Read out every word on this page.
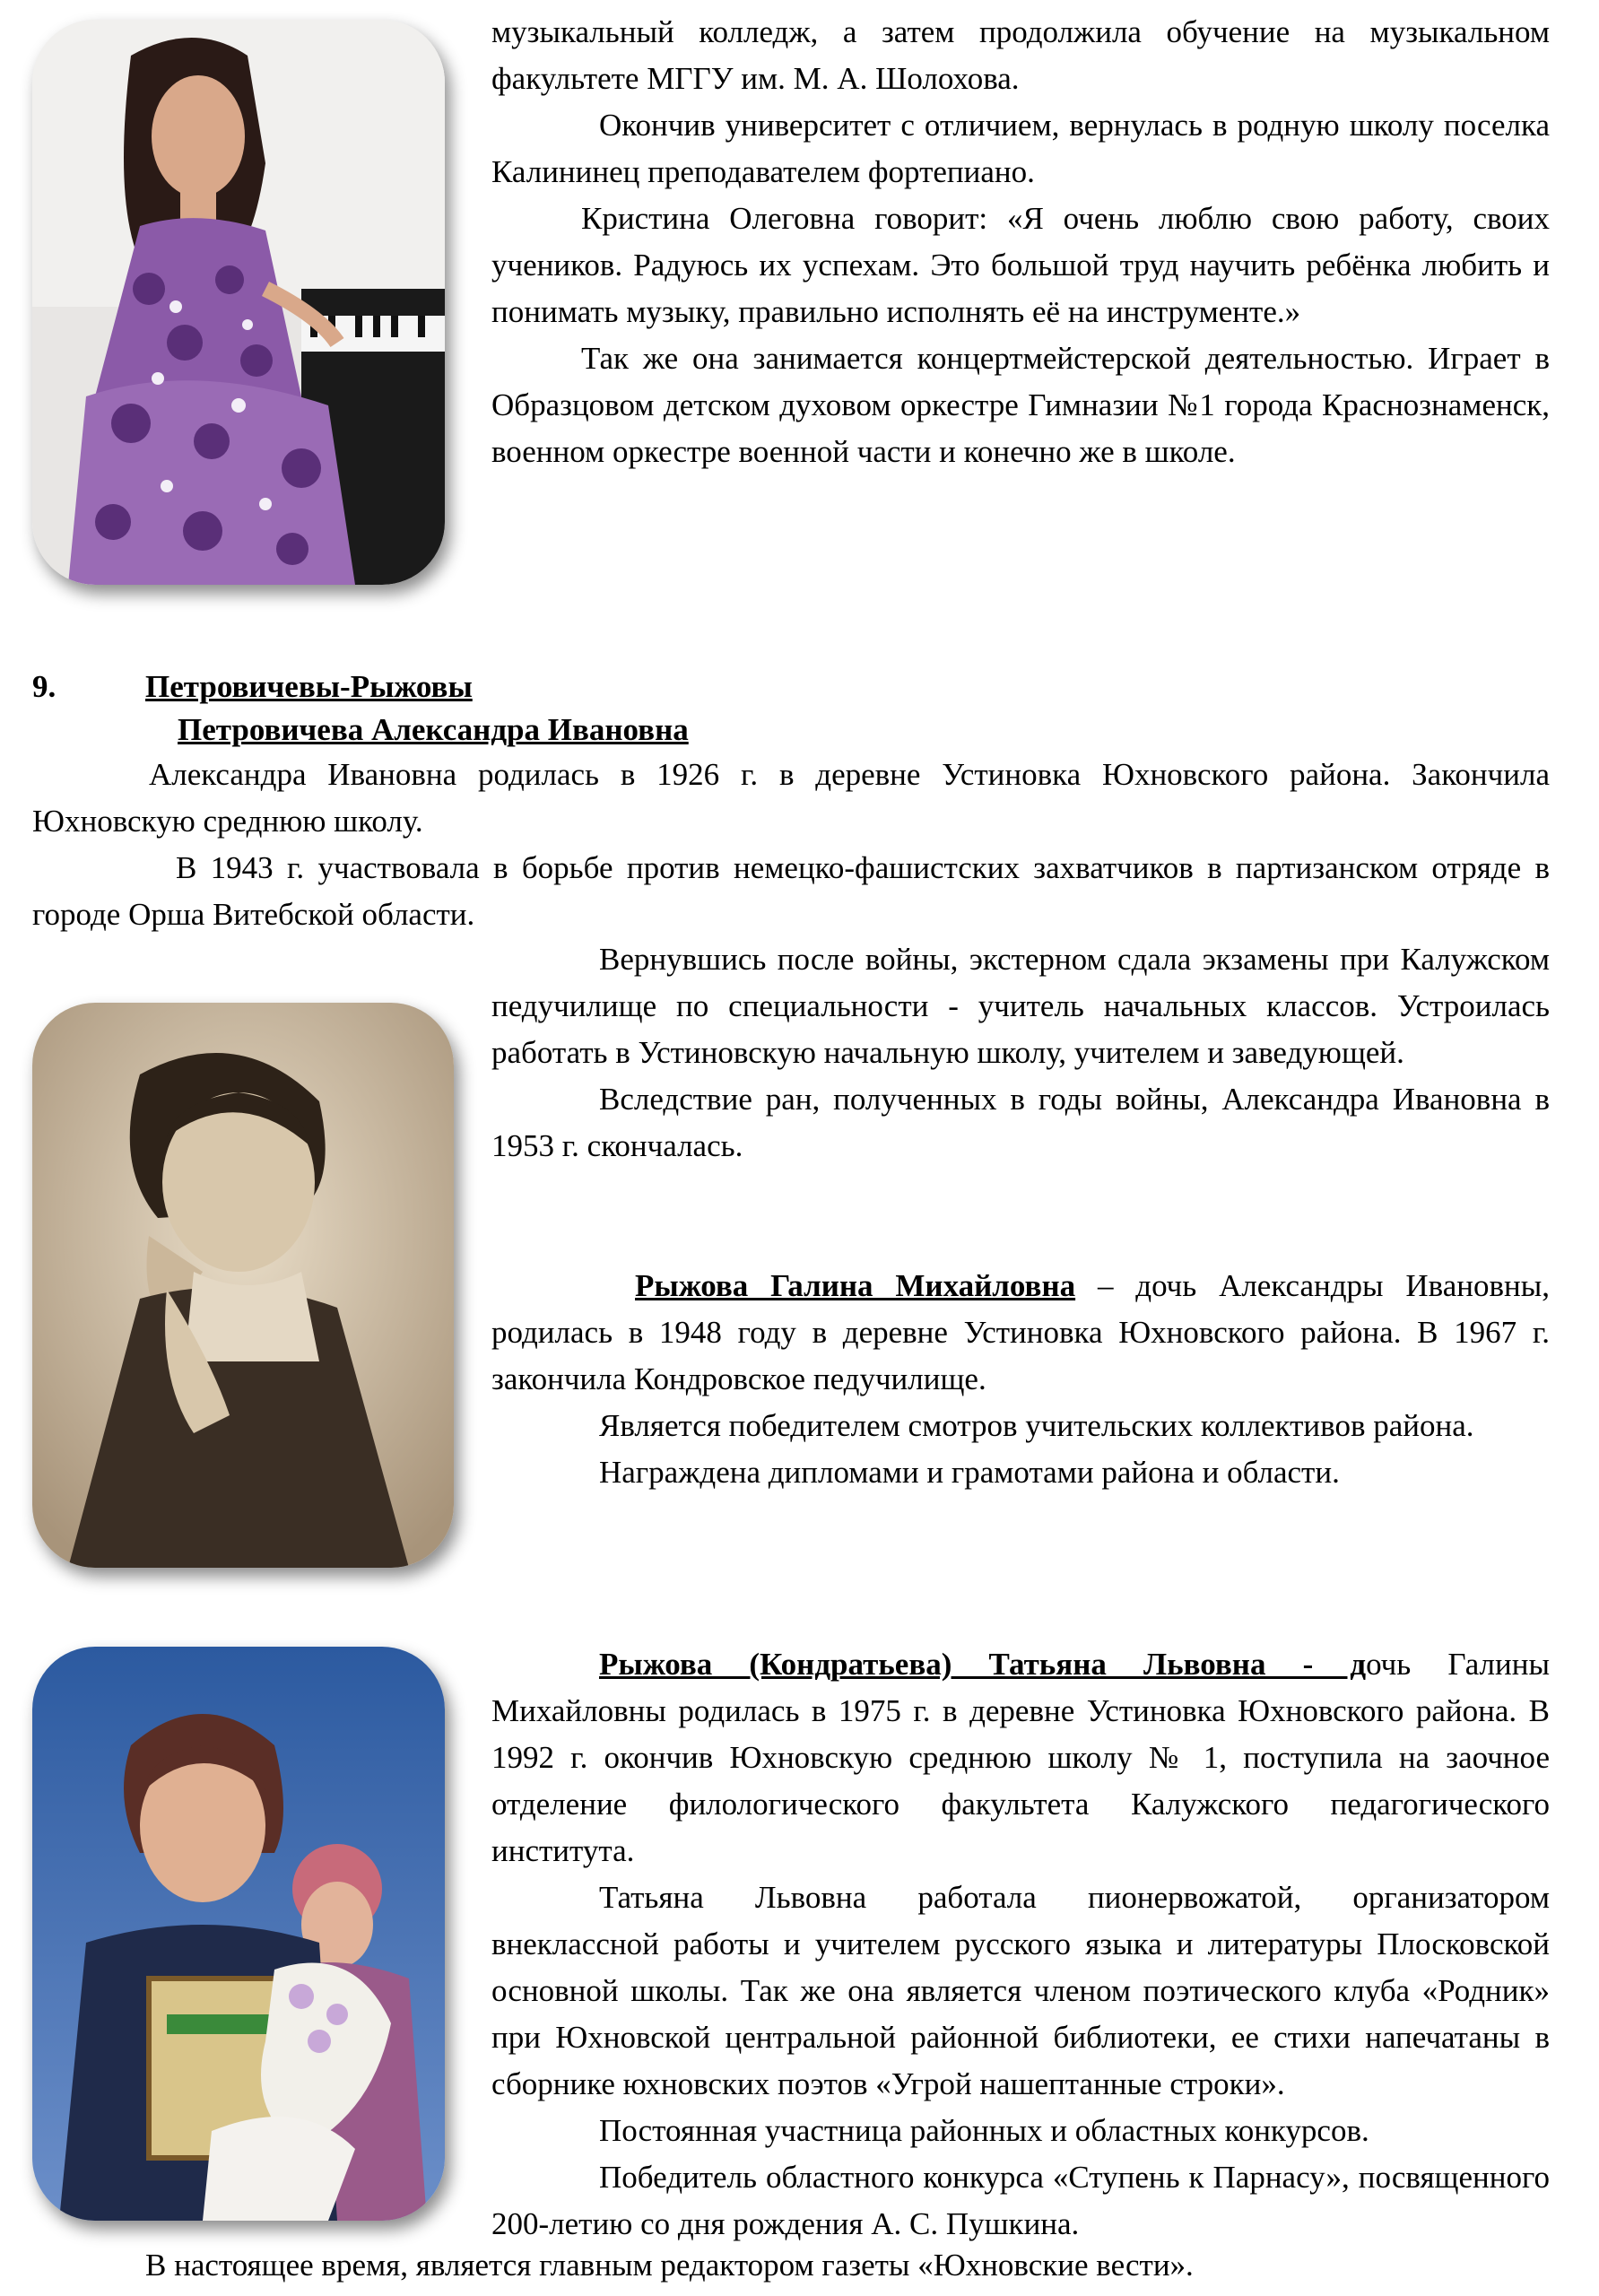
музыкальный колледж, а затем продолжила обучение на музыкальном факультете МГГУ им. М. А. Шолохова.

Окончив университет с отличием, вернулась в родную школу поселка Калининец преподавателем фортепиано.

Кристина Олеговна говорит: «Я очень люблю свою работу, своих учеников. Радуюсь их успехам. Это большой труд научить ребёнка любить и понимать музыку, правильно исполнять её на инструменте.»

Так же она занимается концертмейстерской деятельностью. Играет в Образцовом детском духовом оркестре Гимназии №1 города Краснознаменск, военном оркестре военной части и конечно же в школе.

9.	Петровичевы-Рыжовы
Петровичева Александра Ивановна

Александра Ивановна родилась в 1926 г. в деревне Устиновка Юхновского района. Закончила Юхновскую среднюю школу.

В 1943 г. участвовала в борьбе против немецко-фашистских захватчиков в партизанском отряде в городе Орша Витебской области.

Вернувшись после войны, экстерном сдала экзамены при Калужском педучилище по специальности - учитель начальных классов. Устроилась работать в Устиновскую начальную школу, учителем и заведующей.

Вследствие ран, полученных в годы войны, Александра Ивановна в 1953 г. скончалась.

Рыжова Галина Михайловна – дочь Александры Ивановны, родилась в 1948 году в деревне Устиновка Юхновского района. В 1967 г. закончила Кондровское педучилище.

Является победителем смотров учительских коллективов района.

Награждена дипломами и грамотами района и области.

Рыжова (Кондратьева) Татьяна Львовна - дочь Галины Михайловны родилась в 1975 г. в деревне Устиновка Юхновского района. В 1992 г. окончив Юхновскую среднюю школу № 1, поступила на заочное отделение филологического факультета Калужского педагогического института.

Татьяна Львовна работала пионервожатой, организатором внеклассной работы и учителем русского языка и литературы Плосковской основной школы. Так же она является членом поэтического клуба «Родник» при Юхновской центральной районной библиотеки, ее стихи напечатаны в сборнике юхновских поэтов «Угрой нашептанные строки».

Постоянная участница районных и областных конкурсов.

Победитель областного конкурса «Ступень к Парнасу», посвященного 200-летию со дня рождения А. С. Пушкина.

В настоящее время, является главным редактором газеты «Юхновские вести».
